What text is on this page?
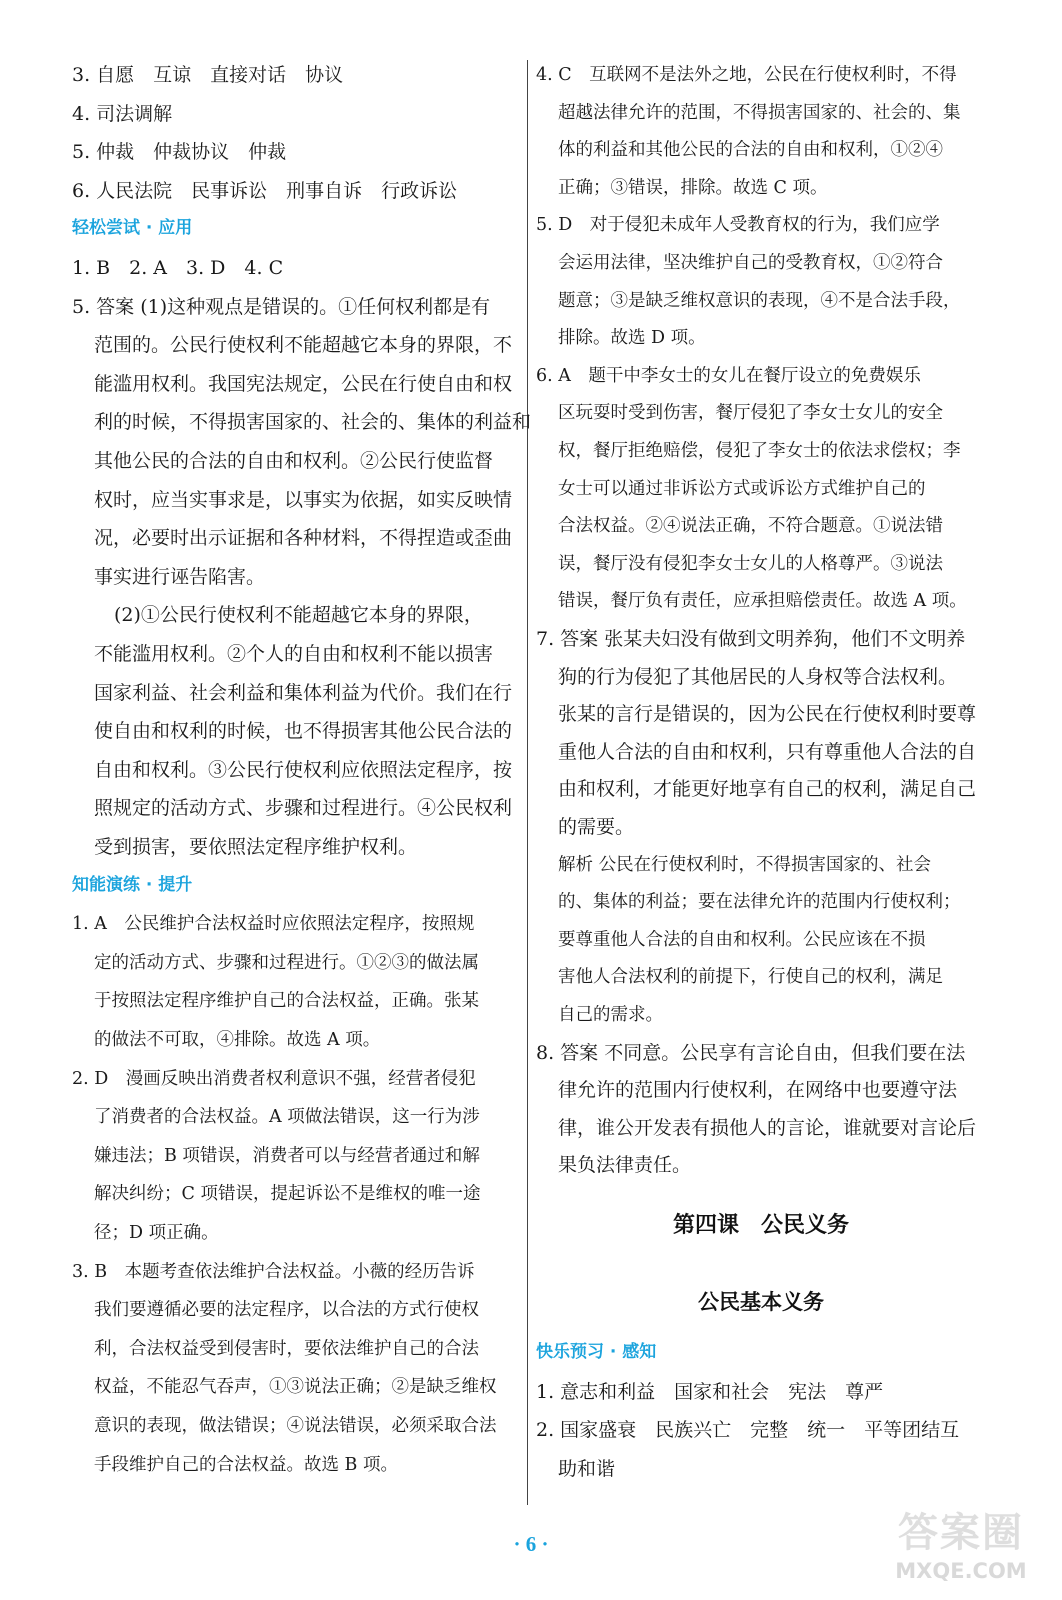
3. 自愿　互谅　直接对话　协议
4. 司法调解
5. 仲裁　仲裁协议　仲裁
6. 人民法院　民事诉讼　刑事自诉　行政诉讼
轻松尝试 · 应用
1. B　2. A　3. D　4. C
5. 答案 (1)这种观点是错误的。①任何权利都是有
范围的。公民行使权利不能超越它本身的界限，不
能滥用权利。我国宪法规定，公民在行使自由和权
利的时候，不得损害国家的、社会的、集体的利益和
其他公民的合法的自由和权利。②公民行使监督
权时，应当实事求是，以事实为依据，如实反映情
况，必要时出示证据和各种材料，不得捏造或歪曲
事实进行诬告陷害。
(2)①公民行使权利不能超越它本身的界限，
不能滥用权利。②个人的自由和权利不能以损害
国家利益、社会利益和集体利益为代价。我们在行
使自由和权利的时候，也不得损害其他公民合法的
自由和权利。③公民行使权利应依照法定程序，按
照规定的活动方式、步骤和过程进行。④公民权利
受到损害，要依照法定程序维护权利。
知能演练 · 提升
1. A　公民维护合法权益时应依照法定程序，按照规
定的活动方式、步骤和过程进行。①②③的做法属
于按照法定程序维护自己的合法权益，正确。张某
的做法不可取，④排除。故选 A 项。
2. D　漫画反映出消费者权利意识不强，经营者侵犯
了消费者的合法权益。A 项做法错误，这一行为涉
嫌违法；B 项错误，消费者可以与经营者通过和解
解决纠纷；C 项错误，提起诉讼不是维权的唯一途
径；D 项正确。
3. B　本题考查依法维护合法权益。小薇的经历告诉
我们要遵循必要的法定程序，以合法的方式行使权
利，合法权益受到侵害时，要依法维护自己的合法
权益，不能忍气吞声，①③说法正确；②是缺乏维权
意识的表现，做法错误；④说法错误，必须采取合法
手段维护自己的合法权益。故选 B 项。
第四课　公民义务
公民基本义务
快乐预习 · 感知
1. 意志和利益　国家和社会　宪法　尊严
2. 国家盛衰　民族兴亡　完整　统一　平等团结互
助和谐
4. C　互联网不是法外之地，公民在行使权利时，不得
超越法律允许的范围，不得损害国家的、社会的、集
体的利益和其他公民的合法的自由和权利，①②④
正确；③错误，排除。故选 C 项。
5. D　对于侵犯未成年人受教育权的行为，我们应学
会运用法律，坚决维护自己的受教育权，①②符合
题意；③是缺乏维权意识的表现，④不是合法手段，
排除。故选 D 项。
6. A　题干中李女士的女儿在餐厅设立的免费娱乐
区玩耍时受到伤害，餐厅侵犯了李女士女儿的安全
权，餐厅拒绝赔偿，侵犯了李女士的依法求偿权；李
女士可以通过非诉讼方式或诉讼方式维护自己的
合法权益。②④说法正确，不符合题意。①说法错
误，餐厅没有侵犯李女士女儿的人格尊严。③说法
错误，餐厅负有责任，应承担赔偿责任。故选 A 项。
7. 答案 张某夫妇没有做到文明养狗，他们不文明养
狗的行为侵犯了其他居民的人身权等合法权利。
张某的言行是错误的，因为公民在行使权利时要尊
重他人合法的自由和权利，只有尊重他人合法的自
由和权利，才能更好地享有自己的权利，满足自己
的需要。
解析 公民在行使权利时，不得损害国家的、社会
的、集体的利益；要在法律允许的范围内行使权利；
要尊重他人合法的自由和权利。公民应该在不损
害他人合法权利的前提下，行使自己的权利，满足
自己的需求。
8. 答案 不同意。公民享有言论自由，但我们要在法
律允许的范围内行使权利，在网络中也要遵守法
律，谁公开发表有损他人的言论，谁就要对言论后
果负法律责任。
· 6 ·	答案圈
MXQE.COM
